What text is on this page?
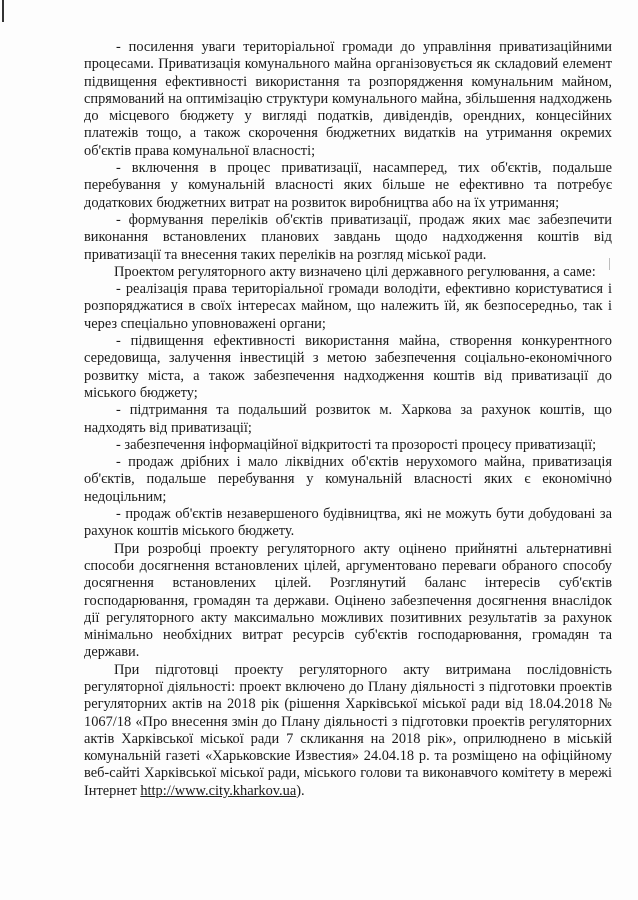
- посилення уваги територіальної громади до управління приватизаційними процесами. Приватизація комунального майна організовується як складовий елемент підвищення ефективності використання та розпорядження комунальним майном, спрямований на оптимізацію структури комунального майна, збільшення надходжень до місцевого бюджету у вигляді податків, дивідендів, орендних, концесійних платежів тощо, а також скорочення бюджетних видатків на утримання окремих об'єктів права комунальної власності;

- включення в процес приватизації, насамперед, тих об'єктів, подальше перебування у комунальній власності яких більше не ефективно та потребує додаткових бюджетних витрат на розвиток виробництва або на їх утримання;

- формування переліків об'єктів приватизації, продаж яких має забезпечити виконання встановлених планових завдань щодо надходження коштів від приватизації та внесення таких переліків на розгляд міської ради.

Проектом регуляторного акту визначено цілі державного регулювання, а саме:

- реалізація права територіальної громади володіти, ефективно користуватися і розпоряджатися в своїх інтересах майном, що належить їй, як безпосередньо, так і через спеціально уповноважені органи;

- підвищення ефективності використання майна, створення конкурентного середовища, залучення інвестицій з метою забезпечення соціально-економічного розвитку міста, а також забезпечення надходження коштів від приватизації до міського бюджету;

- підтримання та подальший розвиток м. Харкова за рахунок коштів, що надходять від приватизації;

- забезпечення інформаційної відкритості та прозорості процесу приватизації;

- продаж дрібних і мало ліквідних об'єктів нерухомого майна, приватизація об'єктів, подальше перебування у комунальній власності яких є економічно недоцільним;

- продаж об'єктів незавершеного будівництва, які не можуть бути добудовані за рахунок коштів міського бюджету.

При розробці проекту регуляторного акту оцінено прийнятні альтернативні способи досягнення встановлених цілей, аргументовано переваги обраного способу досягнення встановлених цілей. Розглянутий баланс інтересів суб'єктів господарювання, громадян та держави. Оцінено забезпечення досягнення внаслідок дії регуляторного акту максимально можливих позитивних результатів за рахунок мінімально необхідних витрат ресурсів суб'єктів господарювання, громадян та держави.

При підготовці проекту регуляторного акту витримана послідовність регуляторної діяльності: проект включено до Плану діяльності з підготовки проектів регуляторних актів на 2018 рік (рішення Харківської міської ради від 18.04.2018 № 1067/18 «Про внесення змін до Плану діяльності з підготовки проектів регуляторних актів Харківської міської ради 7 скликання на 2018 рік», оприлюднено в міській комунальній газеті «Харьковские Известия» 24.04.18 р. та розміщено на офіційному веб-сайті Харківської міської ради, міського голови та виконавчого комітету в мережі Інтернет http://www.city.kharkov.ua).
